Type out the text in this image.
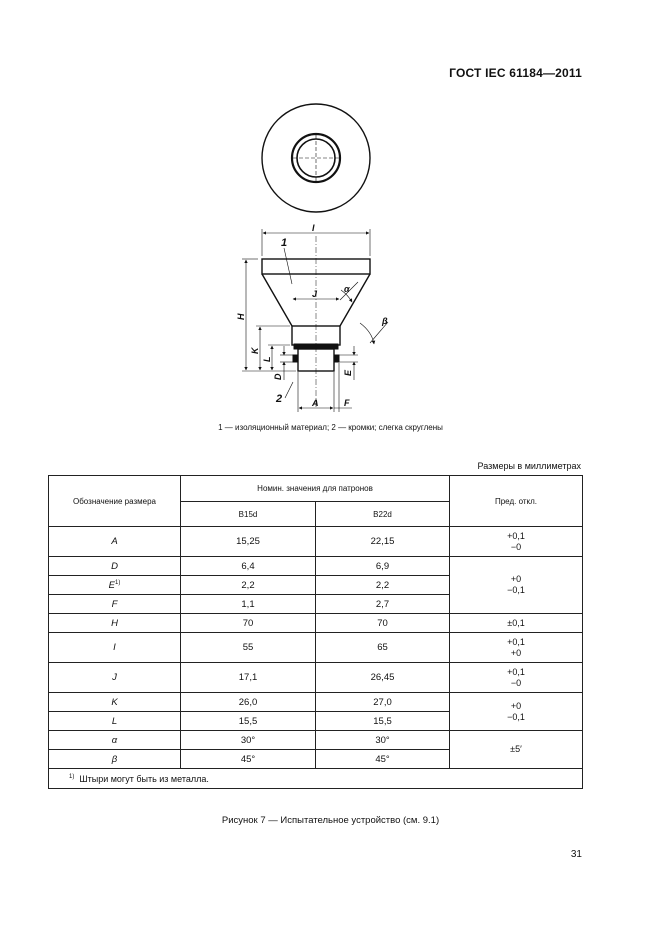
ГОСТ IEC 61184—2011
I
J
H
K
L
D
E
A	F
α
β
1
2
1 — изоляционный материал; 2 — кромки; слегка скруглены
Размеры в миллиметрах
Обозначение размера	Номин. значения для патронов		Пред. откл.
	B15d	B22d	
A	15,25	22,15	+0,1
−0
D	6,4	6,9	+0
−0,1
$E^{1)}$	2,2	2,2	
F	1,1	2,7	
H	70	70	±0,1
I	55	65	+0,1
+0
J	17,1	26,45	+0,1
−0
K	26,0	27,0	+0
−0,1
L	15,5	15,5	
α	30°	30°	±5′
β	45°	45°	
$^{1)}$ Штыри могут быть из металла.			
Рисунок 7 — Испытательное устройство (см. 9.1)
31
